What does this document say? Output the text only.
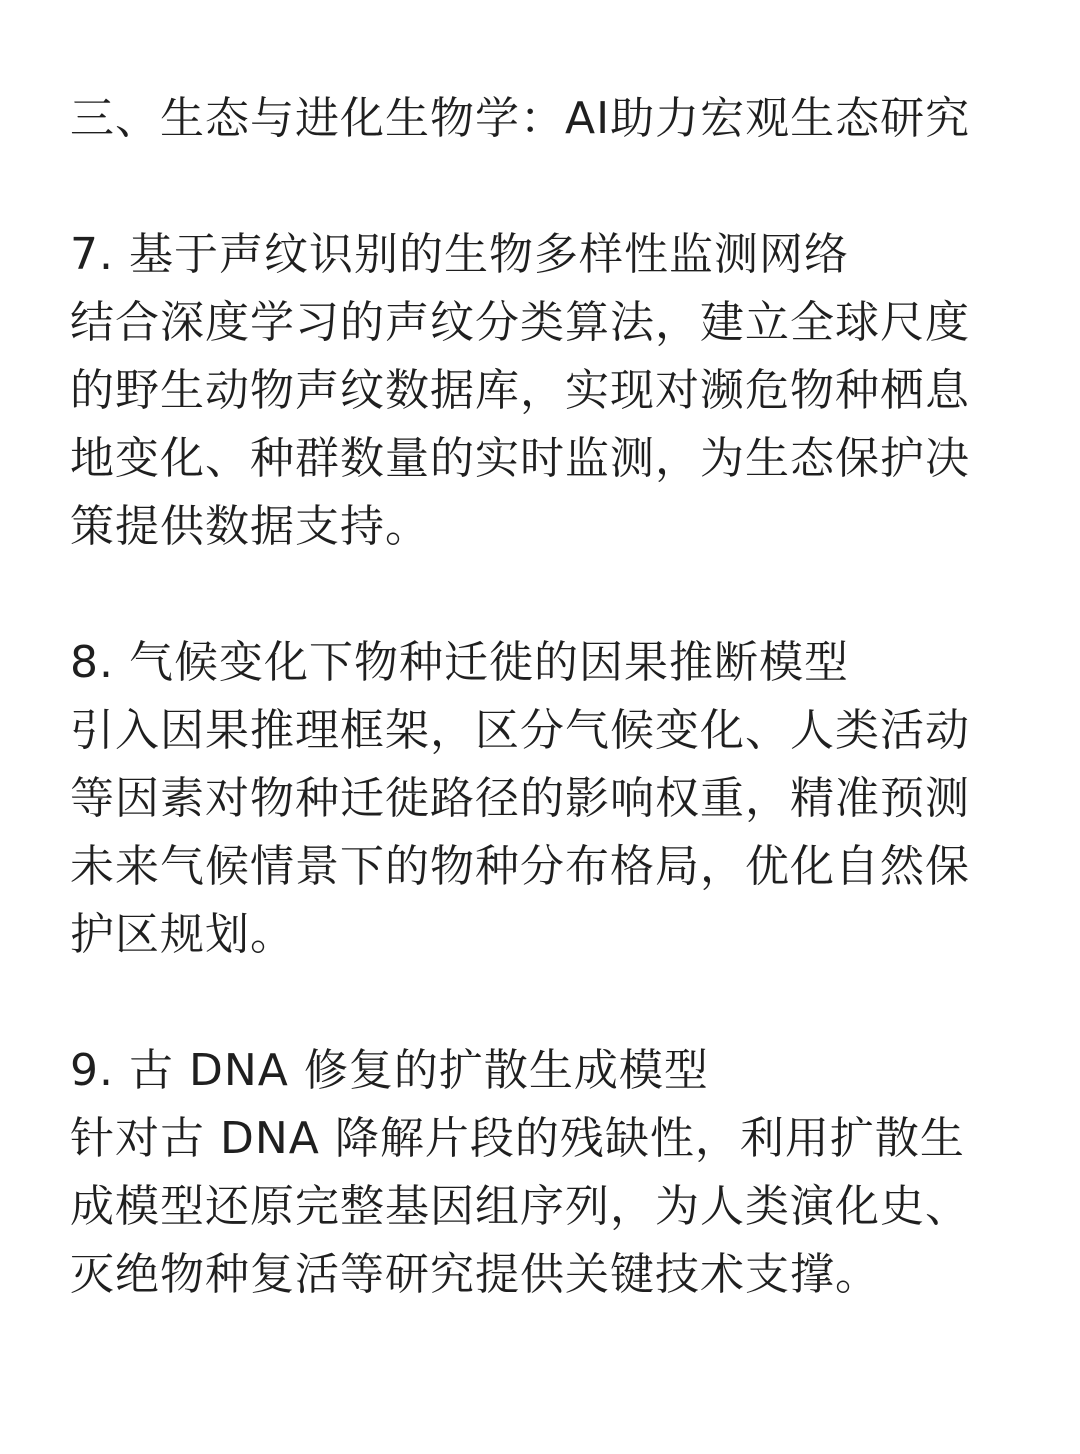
三、生态与进化生物学：AI助力宏观生态研究
7. 基于声纹识别的生物多样性监测网络
结合深度学习的声纹分类算法，建立全球尺度
的野生动物声纹数据库，实现对濒危物种栖息
地变化、种群数量的实时监测，为生态保护决
策提供数据支持。
8. 气候变化下物种迁徙的因果推断模型
引入因果推理框架，区分气候变化、人类活动
等因素对物种迁徙路径的影响权重，精准预测
未来气候情景下的物种分布格局，优化自然保
护区规划。
9. 古 DNA 修复的扩散生成模型
针对古 DNA 降解片段的残缺性，利用扩散生
成模型还原完整基因组序列，为人类演化史、
灭绝物种复活等研究提供关键技术支撑。
